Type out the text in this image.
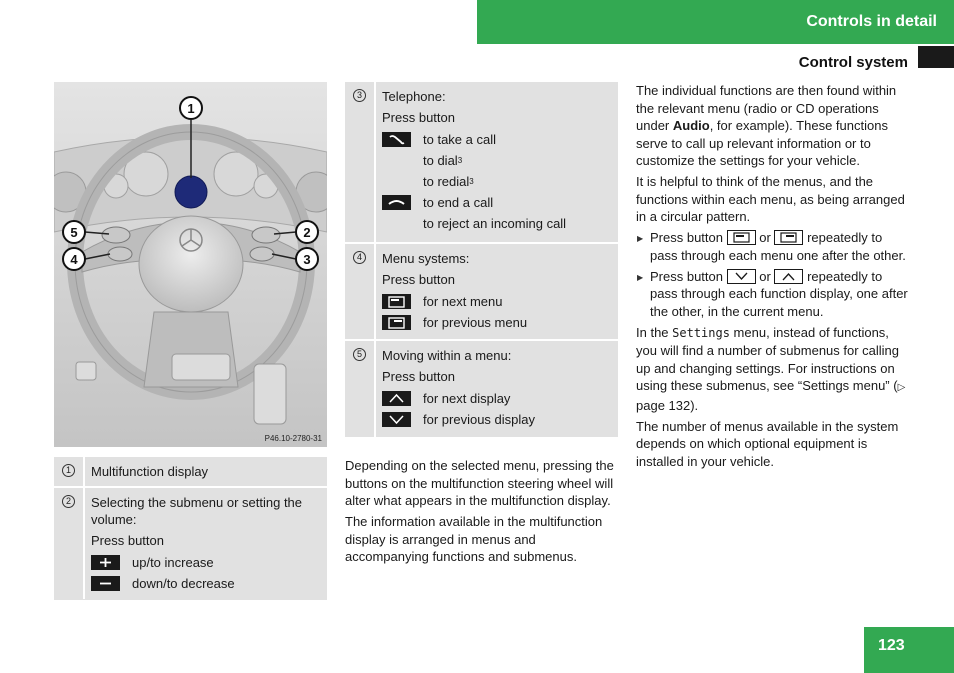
Controls in detail
Control system
1
5
4
2
3
P46.10-2780-31
1	Multifunction display

2	Selecting the submenu or setting the volume:

Press button

up/to increase
down/to decrease
3	Telephone:

Press button

to take a call
to dial 3
to redial 3
to end a call
to reject an incoming call
4	Menu systems:

Press button

for next menu
for previous menu
5	Moving within a menu:

Press button

for next display
for previous display

Depending on the selected menu, pressing the buttons on the multifunction steering wheel will alter what appears in the multifunction display.

The information available in the multifunction display is arranged in menus and accompanying functions and submenus.

The individual functions are then found within the relevant menu (radio or CD operations under Audio, for example). These functions serve to call up relevant information or to customize the settings for your vehicle.

It is helpful to think of the menus, and the functions within each menu, as being arranged in a circular pattern.

▶ Press button	or	repeatedly to pass through each menu one after the other.

▶ Press button	or	repeatedly to pass through each function display, one after the other, in the current menu.

In the Settings menu, instead of functions, you will find a number of submenus for calling up and changing settings. For instructions on using these submenus, see “Settings menu” (▷ page 132).

The number of menus available in the system depends on which optional equipment is installed in your vehicle.

123
